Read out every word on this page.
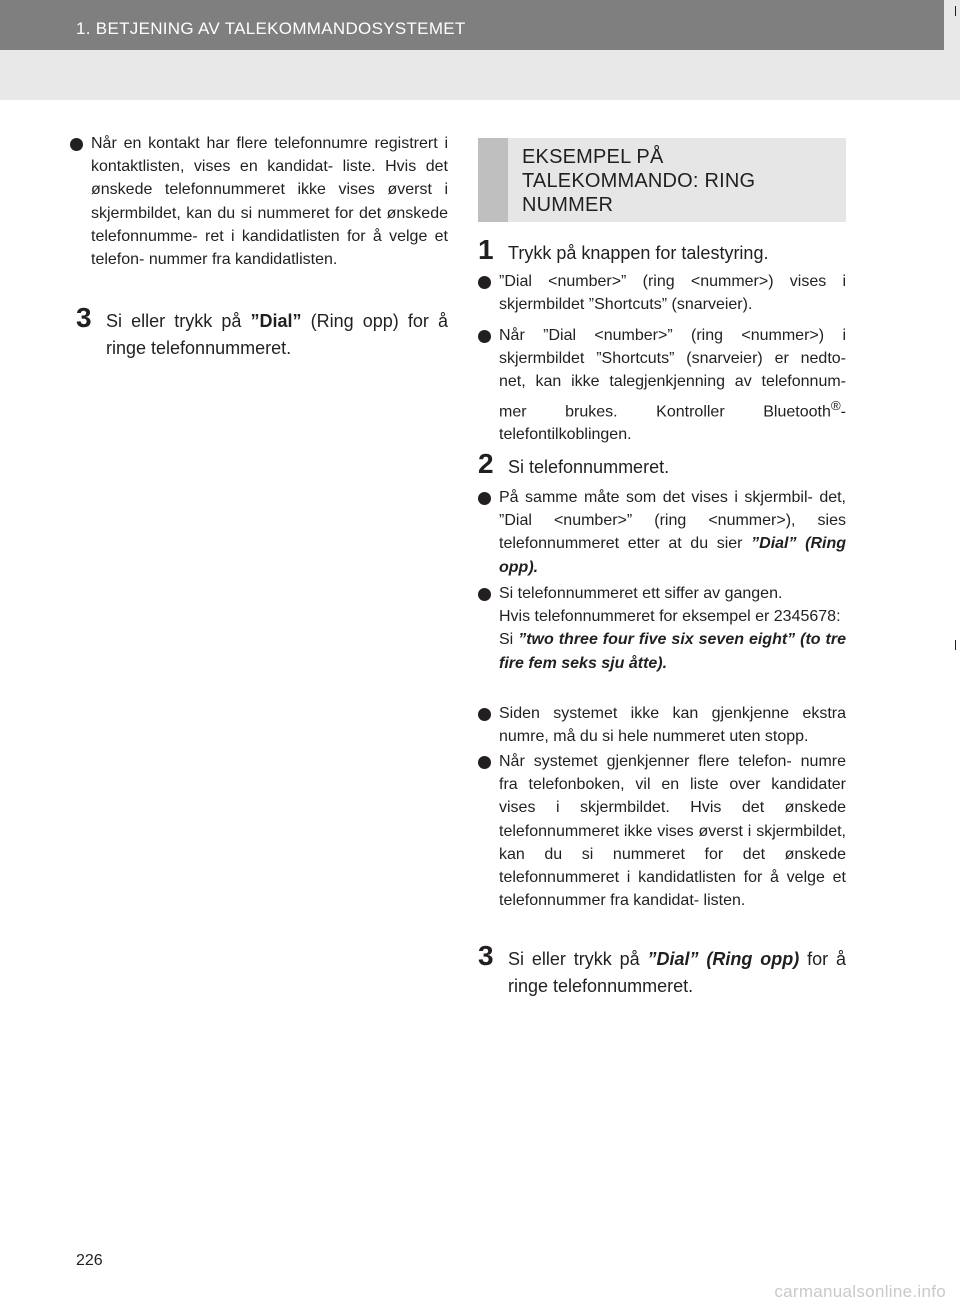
1. BETJENING AV TALEKOMMANDOSYSTEMET
Når en kontakt har flere telefonnumre registrert i kontaktlisten, vises en kandidat- liste. Hvis det ønskede telefonnummeret ikke vises øverst i skjermbildet, kan du si nummeret for det ønskede telefonnumme- ret i kandidatlisten for å velge et telefon- nummer fra kandidatlisten.
3 Si eller trykk på ”Dial” (Ring opp) for å ringe telefonnummeret.
EKSEMPEL PÅ TALEKOMMANDO: RING NUMMER
1 Trykk på knappen for talestyring.
”Dial <number>” (ring <nummer>) vises i skjermbildet ”Shortcuts” (snarveier).
Når ”Dial <number>” (ring <nummer>) i skjermbildet ”Shortcuts” (snarveier) er nedto- net, kan ikke talegjenkjenning av telefonnum- mer brukes. Kontroller Bluetooth®- telefontilkoblingen.
2 Si telefonnummeret.
På samme måte som det vises i skjermbil- det, ”Dial <number>” (ring <nummer>), sies telefonnummeret etter at du sier ”Dial” (Ring opp).
Si telefonnummeret ett siffer av gangen.
Hvis telefonnummeret for eksempel er 2345678:
Si ”two three four five six seven eight” (to tre fire fem seks sju åtte).
Siden systemet ikke kan gjenkjenne ekstra numre, må du si hele nummeret uten stopp.
Når systemet gjenkjenner flere telefon- numre fra telefonboken, vil en liste over kandidater vises i skjermbildet. Hvis det ønskede telefonnummeret ikke vises øverst i skjermbildet, kan du si nummeret for det ønskede telefonnummeret i kandidatlisten for å velge et telefonnummer fra kandidat- listen.
3 Si eller trykk på ”Dial” (Ring opp) for å ringe telefonnummeret.
226
carmanualsonline.info
